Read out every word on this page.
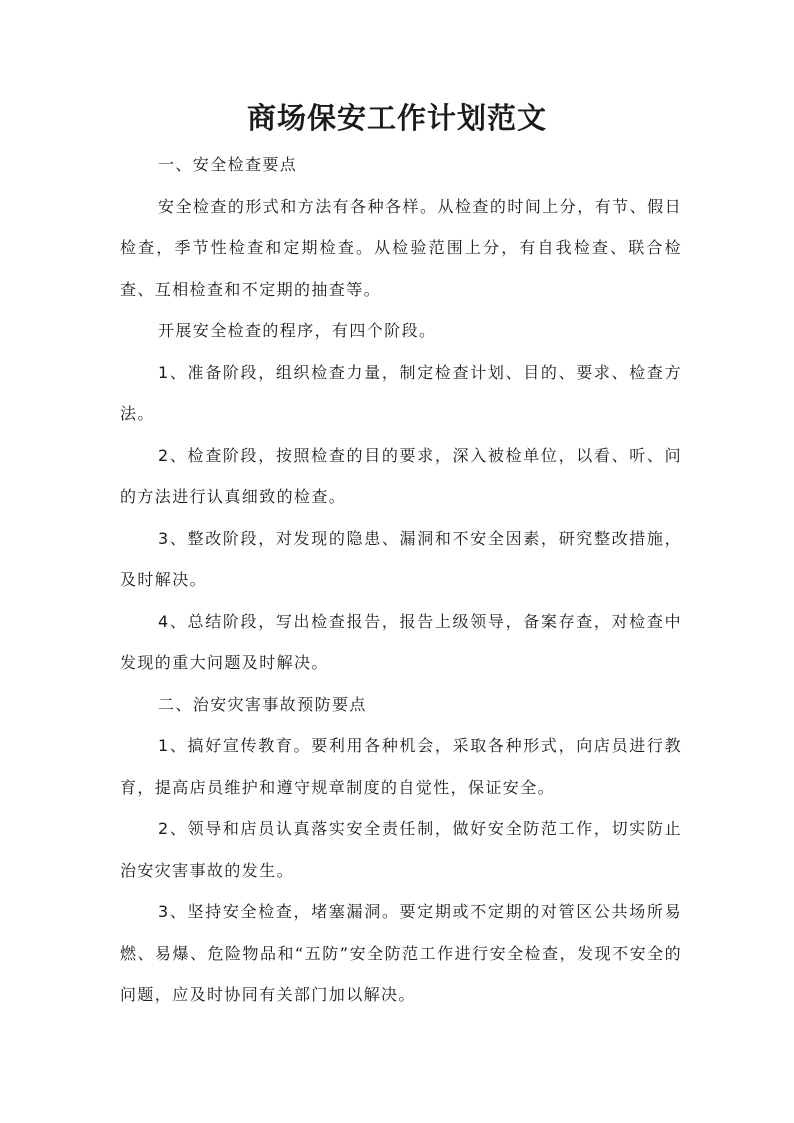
商场保安工作计划范文

一、安全检查要点

安全检查的形式和方法有各种各样。从检查的时间上分，有节、假日检查，季节性检查和定期检查。从检验范围上分，有自我检查、联合检查、互相检查和不定期的抽查等。

开展安全检查的程序，有四个阶段。

1、准备阶段，组织检查力量，制定检查计划、目的、要求、检查方法。

2、检查阶段，按照检查的目的要求，深入被检单位，以看、听、问的方法进行认真细致的检查。

3、整改阶段，对发现的隐患、漏洞和不安全因素，研究整改措施，及时解决。

4、总结阶段，写出检查报告，报告上级领导，备案存查，对检查中发现的重大问题及时解决。

二、治安灾害事故预防要点

1、搞好宣传教育。要利用各种机会，采取各种形式，向店员进行教育，提高店员维护和遵守规章制度的自觉性，保证安全。

2、领导和店员认真落实安全责任制，做好安全防范工作，切实防止治安灾害事故的发生。

3、坚持安全检查，堵塞漏洞。要定期或不定期的对管区公共场所易燃、易爆、危险物品和“五防”安全防范工作进行安全检查，发现不安全的问题，应及时协同有关部门加以解决。
